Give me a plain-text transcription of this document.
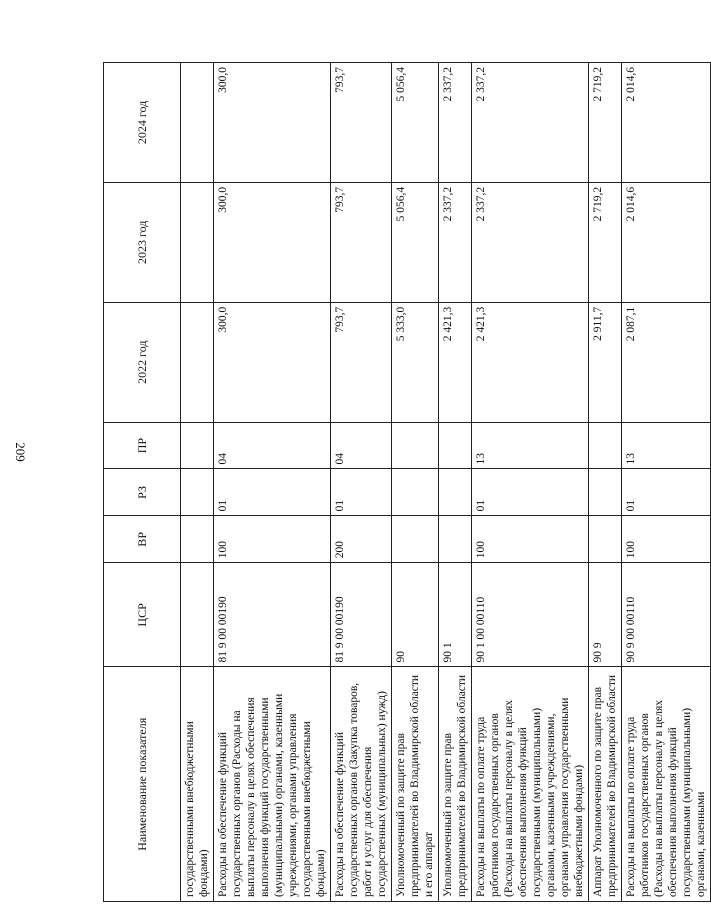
209
Наименование показателя	ЦСР	ВР	РЗ	ПР	2022 год	2023 год	2024 год
государственными внебюджетными фондами)							
Расходы на обеспечение функций государственных органов (Расходы на выплаты персоналу в целях обеспечения выполнения функций государственными (муниципальными) органами, казенными учреждениями, органами управления государственными внебюджетными фондами)	81 9 00 00190	100	01	04	300,0	300,0	300,0
Расходы на обеспечение функций государственных органов (Закупка товаров, работ и услуг для обеспечения государственных (муниципальных) нужд)	81 9 00 00190	200	01	04	793,7	793,7	793,7
Уполномоченный по защите прав предпринимателей во Владимирской области и его аппарат	90				5 333,0	5 056,4	5 056,4
Уполномоченный по защите прав предпринимателей во Владимирской области	90 1				2 421,3	2 337,2	2 337,2
Расходы на выплаты по оплате труда работников государственных органов (Расходы на выплаты персоналу в целях обеспечения выполнения функций государственными (муниципальными) органами, казенными учреждениями, органами управления государственными внебюджетными фондами)	90 1 00 00110	100	01	13	2 421,3	2 337,2	2 337,2
Аппарат Уполномоченного по защите прав предпринимателей во Владимирской области	90 9				2 911,7	2 719,2	2 719,2
Расходы на выплаты по оплате труда работников государственных органов (Расходы на выплаты персоналу в целях обеспечения выполнения функций государственными (муниципальными) органами, казенными	90 9 00 00110	100	01	13	2 087,1	2 014,6	2 014,6
